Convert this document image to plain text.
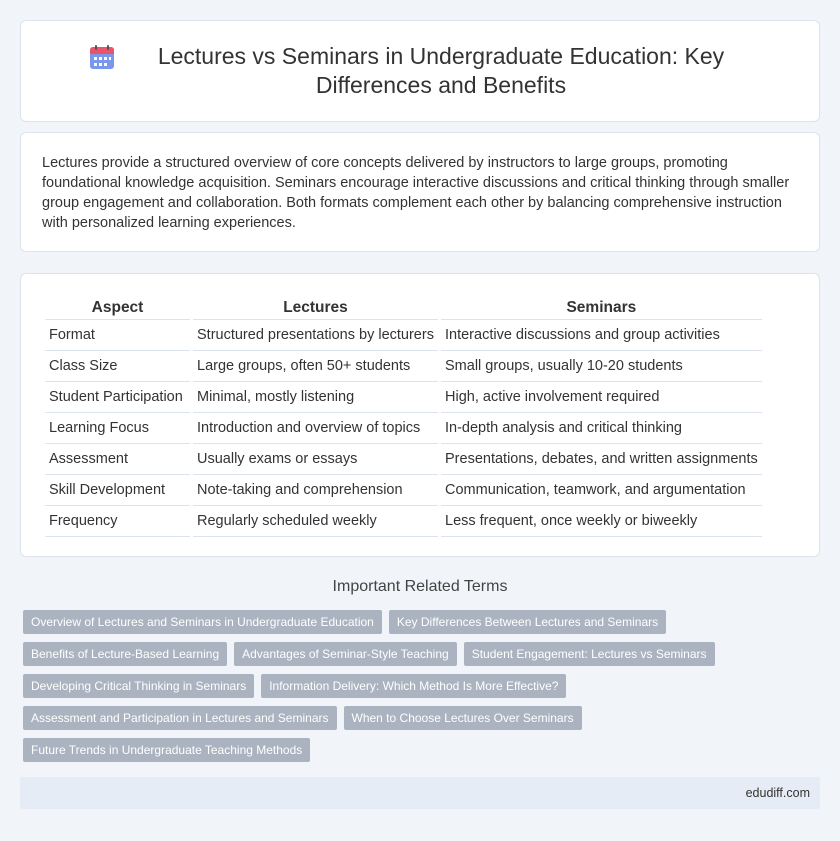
Lectures vs Seminars in Undergraduate Education: Key Differences and Benefits

Lectures provide a structured overview of core concepts delivered by instructors to large groups, promoting foundational knowledge acquisition. Seminars encourage interactive discussions and critical thinking through smaller group engagement and collaboration. Both formats complement each other by balancing comprehensive instruction with personalized learning experiences.

Aspect	Lectures	Seminars
Format	Structured presentations by lecturers	Interactive discussions and group activities
Class Size	Large groups, often 50+ students	Small groups, usually 10-20 students
Student Participation	Minimal, mostly listening	High, active involvement required
Learning Focus	Introduction and overview of topics	In-depth analysis and critical thinking
Assessment	Usually exams or essays	Presentations, debates, and written assignments
Skill Development	Note-taking and comprehension	Communication, teamwork, and argumentation
Frequency	Regularly scheduled weekly	Less frequent, once weekly or biweekly
Important Related Terms
Overview of Lectures and Seminars in Undergraduate Education	Key Differences Between Lectures and Seminars
Benefits of Lecture-Based Learning	Advantages of Seminar-Style Teaching	Student Engagement: Lectures vs Seminars
Developing Critical Thinking in Seminars	Information Delivery: Which Method Is More Effective?
Assessment and Participation in Lectures and Seminars	When to Choose Lectures Over Seminars
Future Trends in Undergraduate Teaching Methods
edudiff.com
